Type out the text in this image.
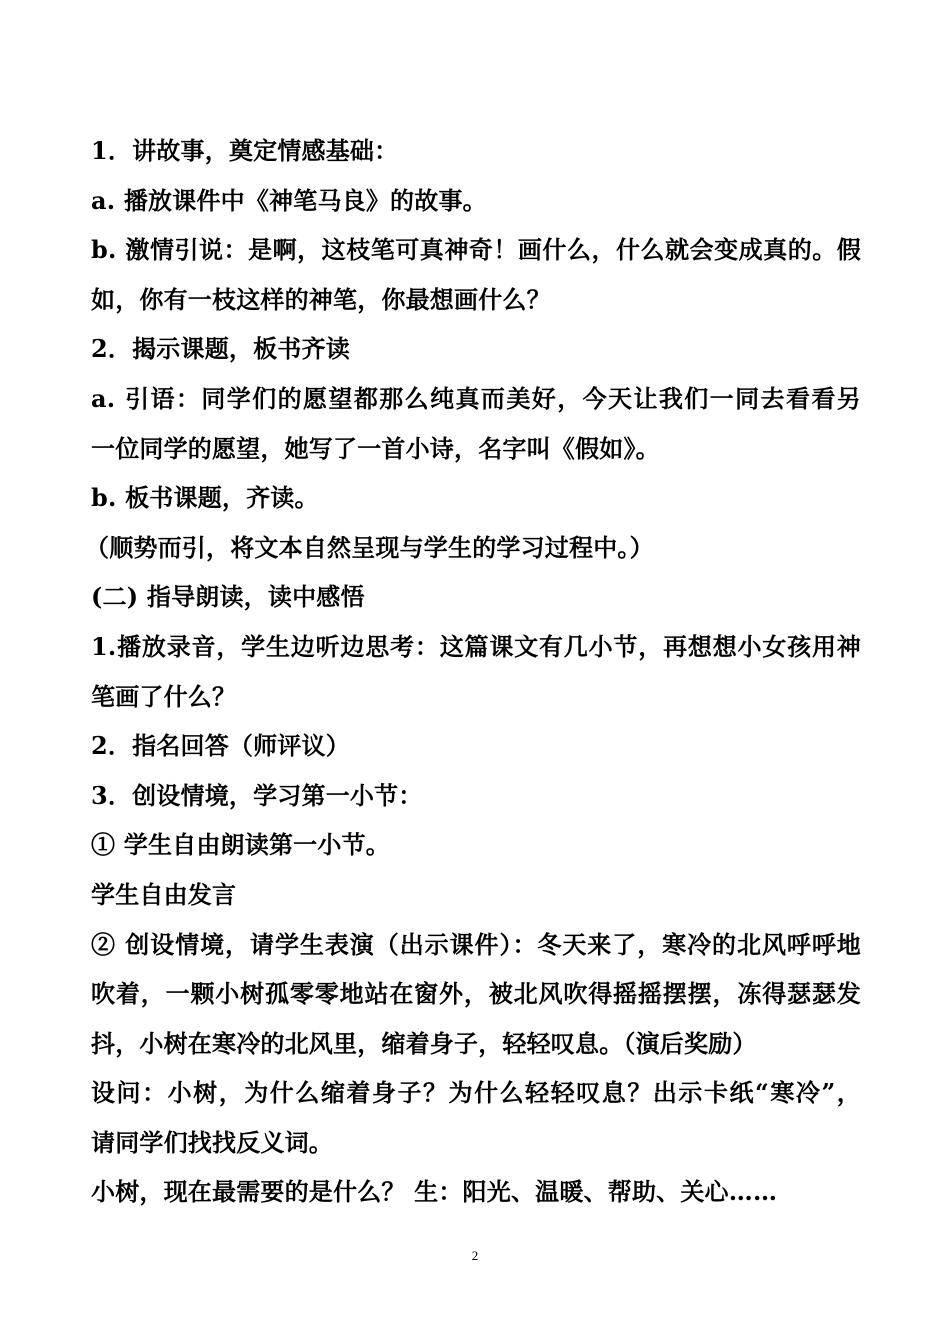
1．讲故事，奠定情感基础：
a. 播放课件中《神笔马良》的故事。
b. 激情引说：是啊，这枝笔可真神奇！画什么，什么就会变成真的。假
如，你有一枝这样的神笔，你最想画什么？
2．揭示课题，板书齐读
a. 引语：同学们的愿望都那么纯真而美好，今天让我们一同去看看另
一位同学的愿望，她写了一首小诗，名字叫《假如》。
b. 板书课题，齐读。
（顺势而引，将文本自然呈现与学生的学习过程中。）
(二) 指导朗读，读中感悟
1.播放录音，学生边听边思考：这篇课文有几小节，再想想小女孩用神
笔画了什么？
2．指名回答（师评议）
3．创设情境，学习第一小节：
① 学生自由朗读第一小节。
学生自由发言
② 创设情境，请学生表演（出示课件）：冬天来了，寒冷的北风呼呼地
吹着，一颗小树孤零零地站在窗外，被北风吹得摇摇摆摆，冻得瑟瑟发
抖，小树在寒冷的北风里，缩着身子，轻轻叹息。（演后奖励）
设问：小树，为什么缩着身子？为什么轻轻叹息？出示卡纸“寒冷”，
请同学们找找反义词。
小树，现在最需要的是什么？ 生：阳光、温暖、帮助、关心……
2
